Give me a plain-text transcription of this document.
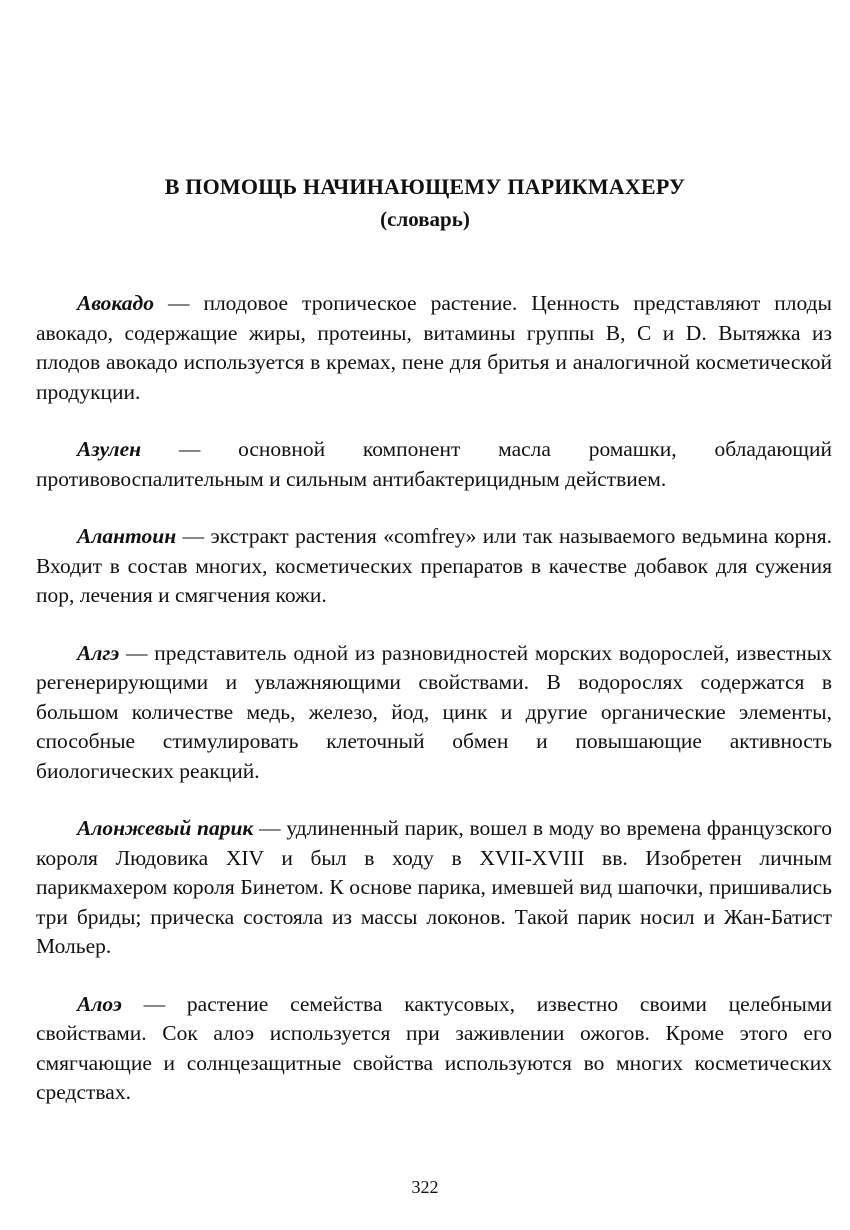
В ПОМОЩЬ НАЧИНАЮЩЕМУ ПАРИКМАХЕРУ
(словарь)

Авокадо — плодовое тропическое растение. Ценность представляют плоды авокадо, содержащие жиры, протеины, витамины группы B, C и D. Вытяжка из плодов авокадо используется в кремах, пене для бритья и аналогичной косметической продукции.

Азулен — основной компонент масла ромашки, обладающий противовоспалительным и сильным антибактерицидным действием.

Алантоин — экстракт растения «comfrey» или так называемого ведьмина корня. Входит в состав многих, косметических препаратов в качестве добавок для сужения пор, лечения и смягчения кожи.

Алгэ — представитель одной из разновидностей морских водорослей, известных регенерирующими и увлажняющими свойствами. В водорослях содержатся в большом количестве медь, железо, йод, цинк и другие органические элементы, способные стимулировать клеточный обмен и повышающие активность биологических реакций.

Алонжевый парик — удлиненный парик, вошел в моду во времена французского короля Людовика XIV и был в ходу в XVII-XVIII вв. Изобретен личным парикмахером короля Бинетом. К основе парика, имевшей вид шапочки, пришивались три бриды; прическа состояла из массы локонов. Такой парик носил и Жан-Батист Мольер.

Алоэ — растение семейства кактусовых, известно своими целебными свойствами. Сок алоэ используется при заживлении ожогов. Кроме этого его смягчающие и солнцезащитные свойства используются во многих косметических средствах.

322
